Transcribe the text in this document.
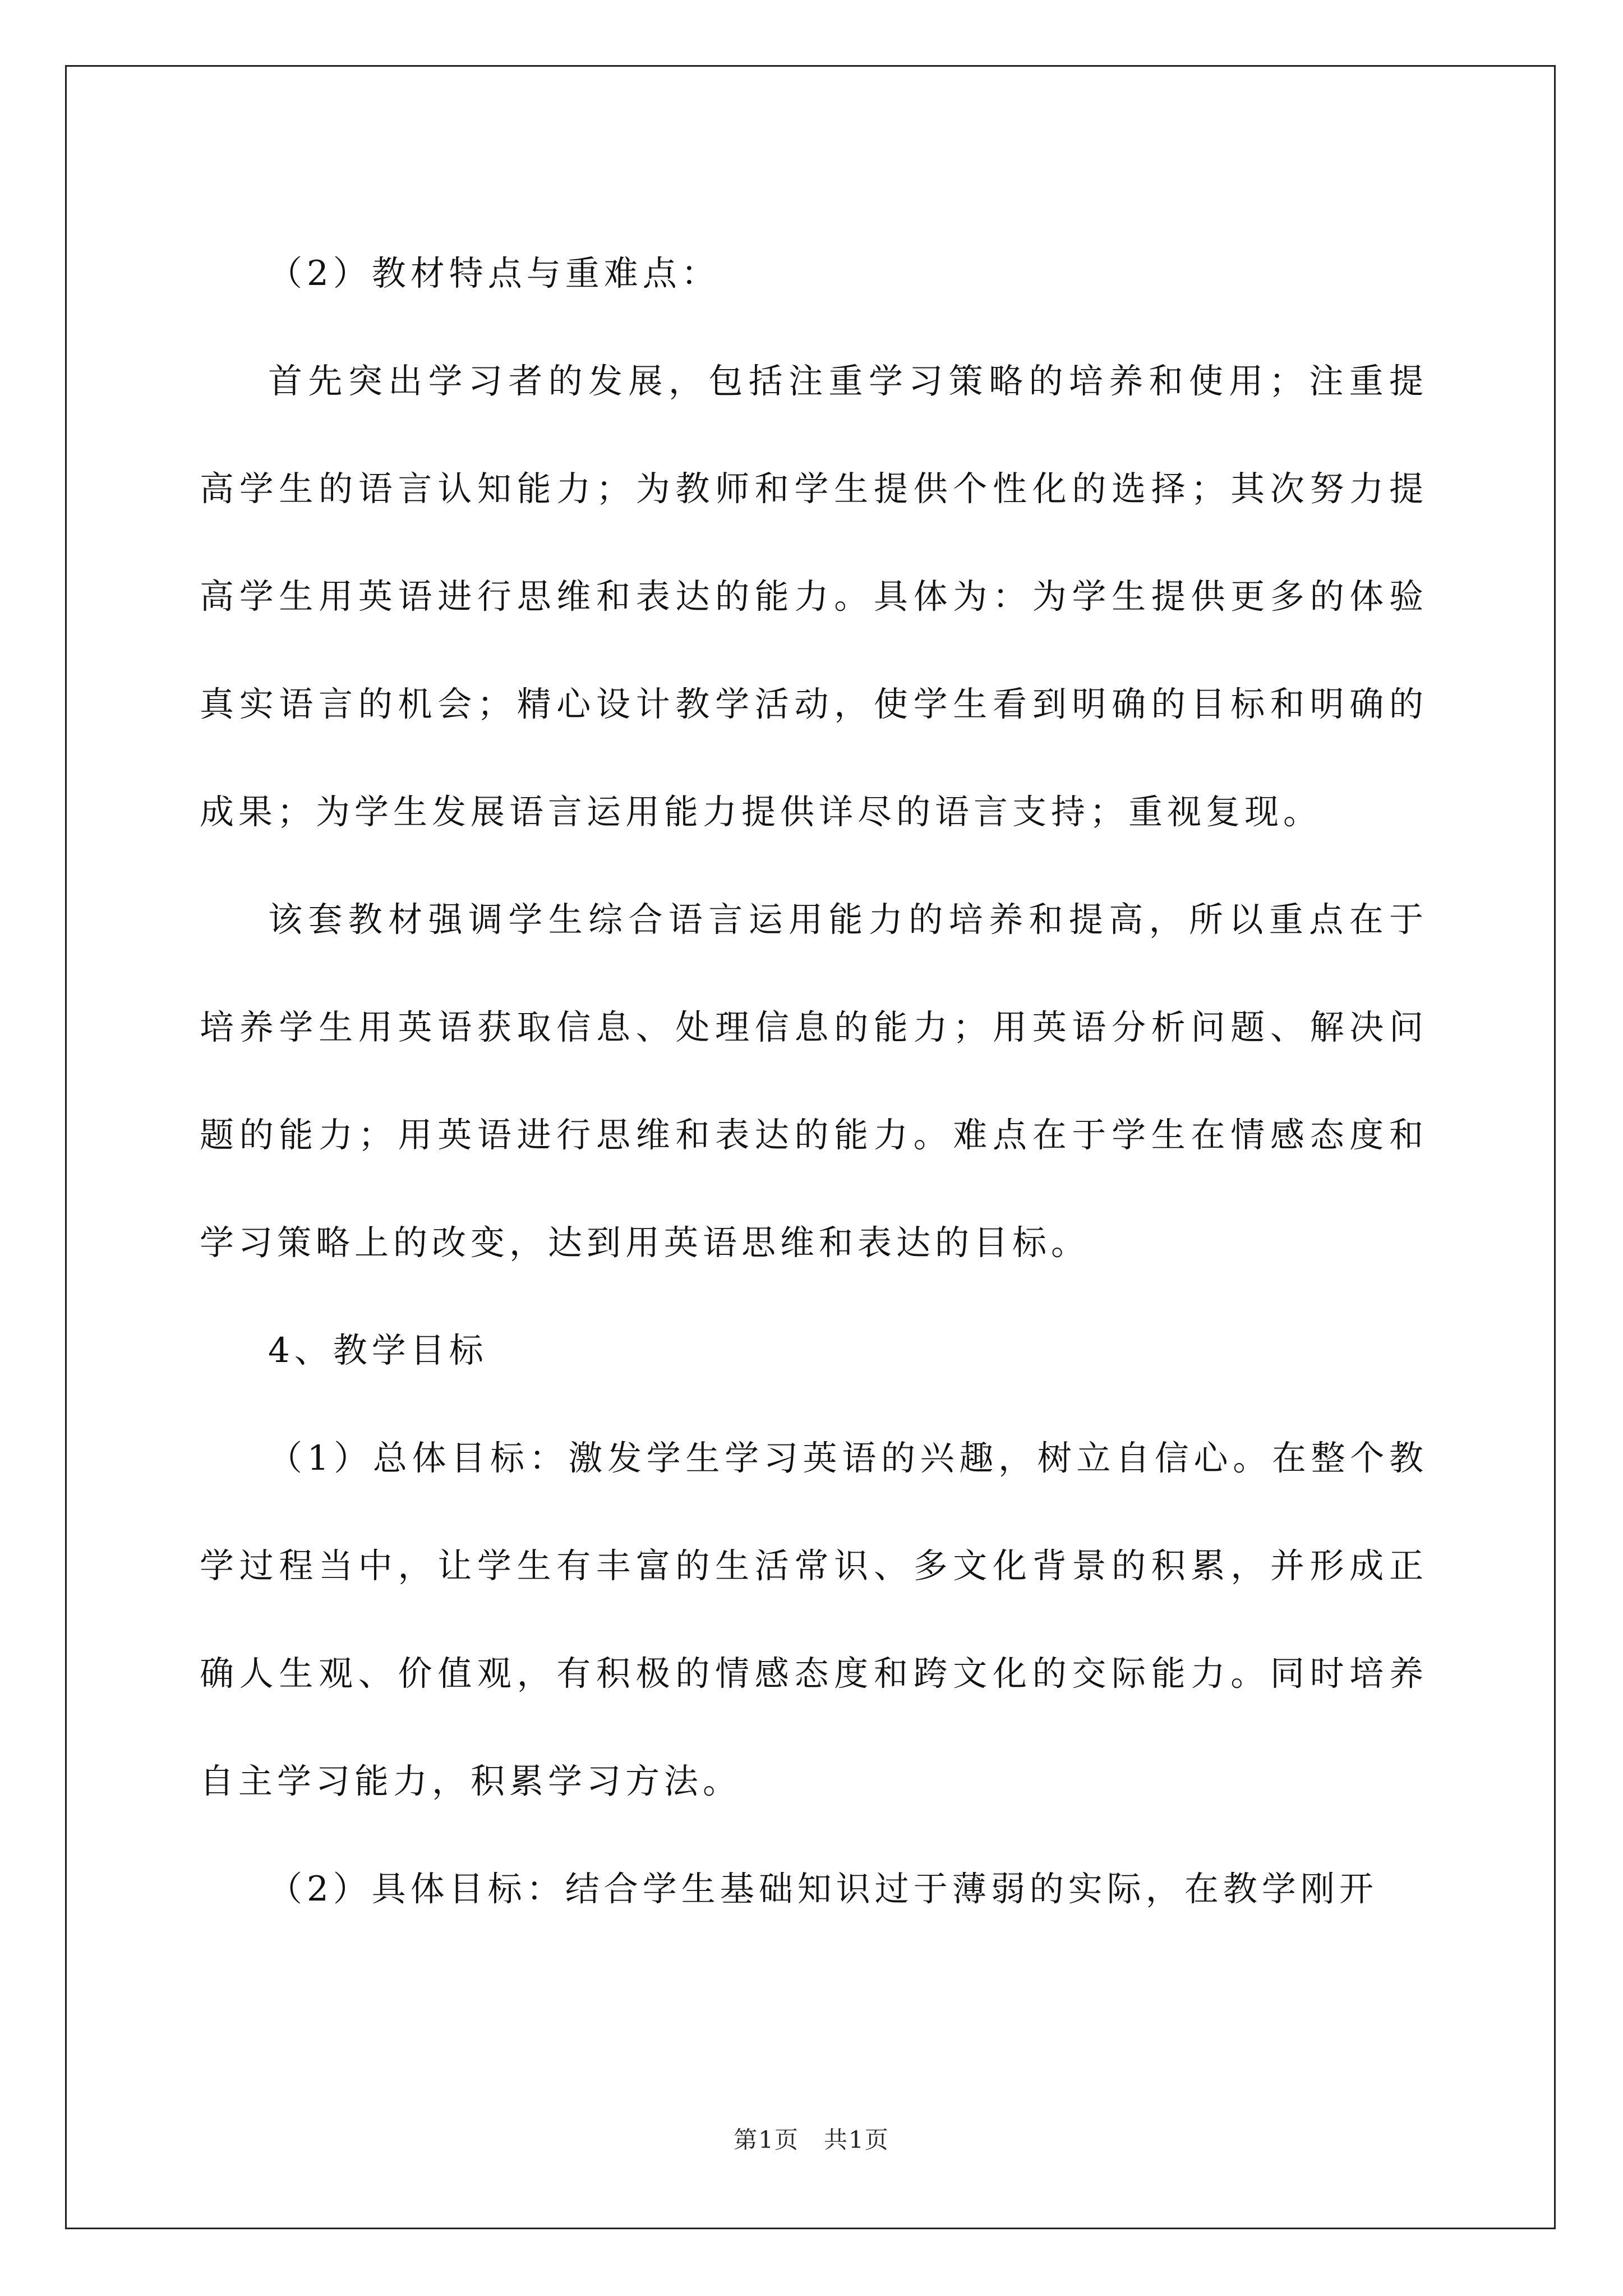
（2）教材特点与重难点：

首先突出学习者的发展，包括注重学习策略的培养和使用；注重提高学生的语言认知能力；为教师和学生提供个性化的选择；其次努力提高学生用英语进行思维和表达的能力。具体为：为学生提供更多的体验真实语言的机会；精心设计教学活动，使学生看到明确的目标和明确的成果；为学生发展语言运用能力提供详尽的语言支持；重视复现。

该套教材强调学生综合语言运用能力的培养和提高，所以重点在于培养学生用英语获取信息、处理信息的能力；用英语分析问题、解决问题的能力；用英语进行思维和表达的能力。难点在于学生在情感态度和学习策略上的改变，达到用英语思维和表达的目标。

4、教学目标

（1）总体目标：激发学生学习英语的兴趣，树立自信心。在整个教学过程当中，让学生有丰富的生活常识、多文化背景的积累，并形成正确人生观、价值观，有积极的情感态度和跨文化的交际能力。同时培养自主学习能力，积累学习方法。

（2）具体目标：结合学生基础知识过于薄弱的实际，在教学刚开

第1页 共1页
